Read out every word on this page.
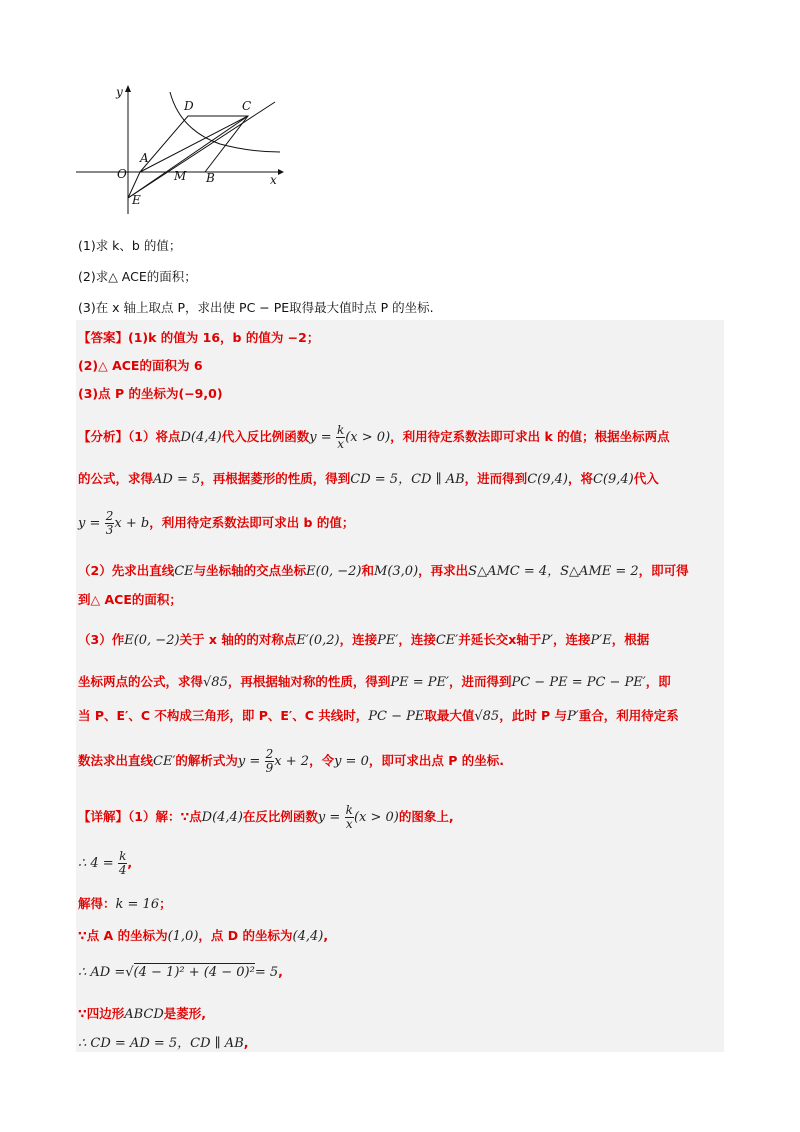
y
x
O
A
D	C
M B
E
(1)求 k、b 的值；
(2)求△ ACE的面积；
(3)在 x 轴上取点 P，求出使 PC − PE取得最大值时点 P 的坐标.
【答案】(1)k 的值为 16，b 的值为 −2；
(2)△ ACE的面积为 6
(3)点 P 的坐标为(−9,0)
【分析】（1）将点D(4,4)代入反比例函数$y = \frac{k}{x} (x > 0)$，利用待定系数法即可求出 k 的值；根据坐标两点
的公式，求得AD = 5，再根据菱形的性质，得到CD = 5，CD ∥ AB，进而得到C(9,4)，将C(9,4)代入
$y = \frac{2}{3}$ x + b，利用待定系数法即可求出 b 的值；
（2）先求出直线CE与坐标轴的交点坐标E(0, −2)和M(3,0)，再求出S△AMC = 4，S△AME = 2，即可得
到△ ACE的面积；
（3）作E(0, −2)关于 x 轴的的对称点E′(0,2)，连接PE′，连接CE′并延长交x轴于P′，连接P′E，根据
坐标两点的公式，求得√85，再根据轴对称的性质，得到PE = PE′，进而得到PC − PE = PC − PE′，即
当 P、E′、C 不构成三角形，即 P、E′、C 共线时，PC − PE取最大值√85，此时 P 与P′重合，利用待定系
数法求出直线CE′的解析式为$y = \frac{2}{9}$ x + 2，令y = 0，即可求出点 P 的坐标.
【详解】（1）解：∵点D(4,4)在反比例函数$y = \frac{k}{x} (x > 0)$的图象上,
∴ $4 = \frac{k}{4}$ ,
解得：k = 16；
∵点 A 的坐标为(1,0)，点 D 的坐标为(4,4),
∴ AD =√(4 − 1)² + (4 − 0)²= 5,
∵四边形ABCD是菱形,
∴ CD = AD = 5，CD ∥ AB,
